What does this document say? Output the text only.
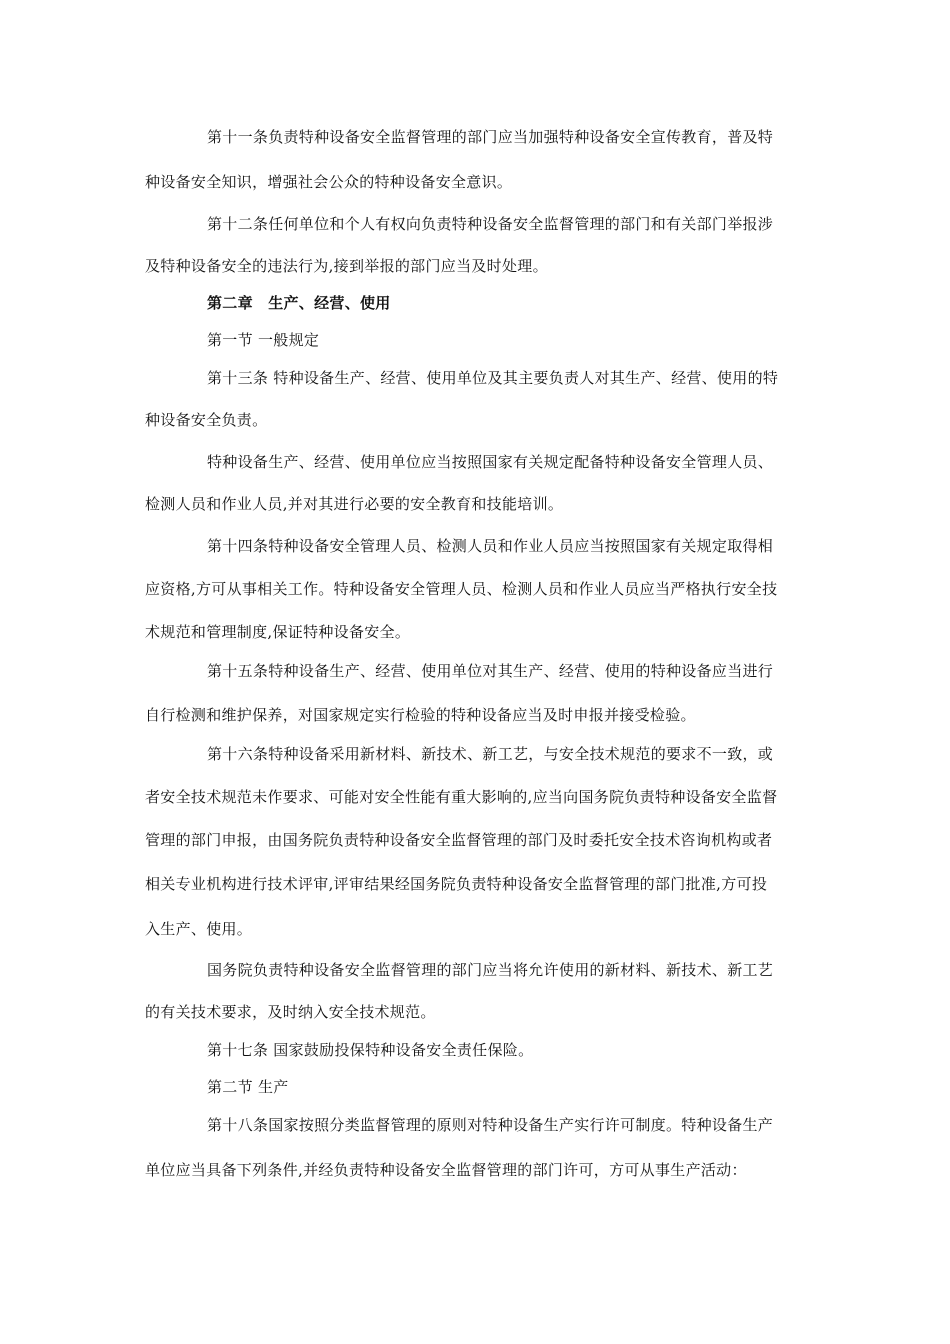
第十一条负责特种设备安全监督管理的部门应当加强特种设备安全宣传教育，普及特
种设备安全知识，增强社会公众的特种设备安全意识。
第十二条任何单位和个人有权向负责特种设备安全监督管理的部门和有关部门举报涉
及特种设备安全的违法行为,接到举报的部门应当及时处理。
第二章　生产、经营、使用
第一节 一般规定
第十三条 特种设备生产、经营、使用单位及其主要负责人对其生产、经营、使用的特
种设备安全负责。
特种设备生产、经营、使用单位应当按照国家有关规定配备特种设备安全管理人员、
检测人员和作业人员,并对其进行必要的安全教育和技能培训。
第十四条特种设备安全管理人员、检测人员和作业人员应当按照国家有关规定取得相
应资格,方可从事相关工作。特种设备安全管理人员、检测人员和作业人员应当严格执行安全技
术规范和管理制度,保证特种设备安全。
第十五条特种设备生产、经营、使用单位对其生产、经营、使用的特种设备应当进行
自行检测和维护保养，对国家规定实行检验的特种设备应当及时申报并接受检验。
第十六条特种设备采用新材料、新技术、新工艺，与安全技术规范的要求不一致，或
者安全技术规范未作要求、可能对安全性能有重大影响的,应当向国务院负责特种设备安全监督
管理的部门申报，由国务院负责特种设备安全监督管理的部门及时委托安全技术咨询机构或者
相关专业机构进行技术评审,评审结果经国务院负责特种设备安全监督管理的部门批准,方可投
入生产、使用。
国务院负责特种设备安全监督管理的部门应当将允许使用的新材料、新技术、新工艺
的有关技术要求，及时纳入安全技术规范。
第十七条 国家鼓励投保特种设备安全责任保险。
第二节 生产
第十八条国家按照分类监督管理的原则对特种设备生产实行许可制度。特种设备生产
单位应当具备下列条件,并经负责特种设备安全监督管理的部门许可，方可从事生产活动：
